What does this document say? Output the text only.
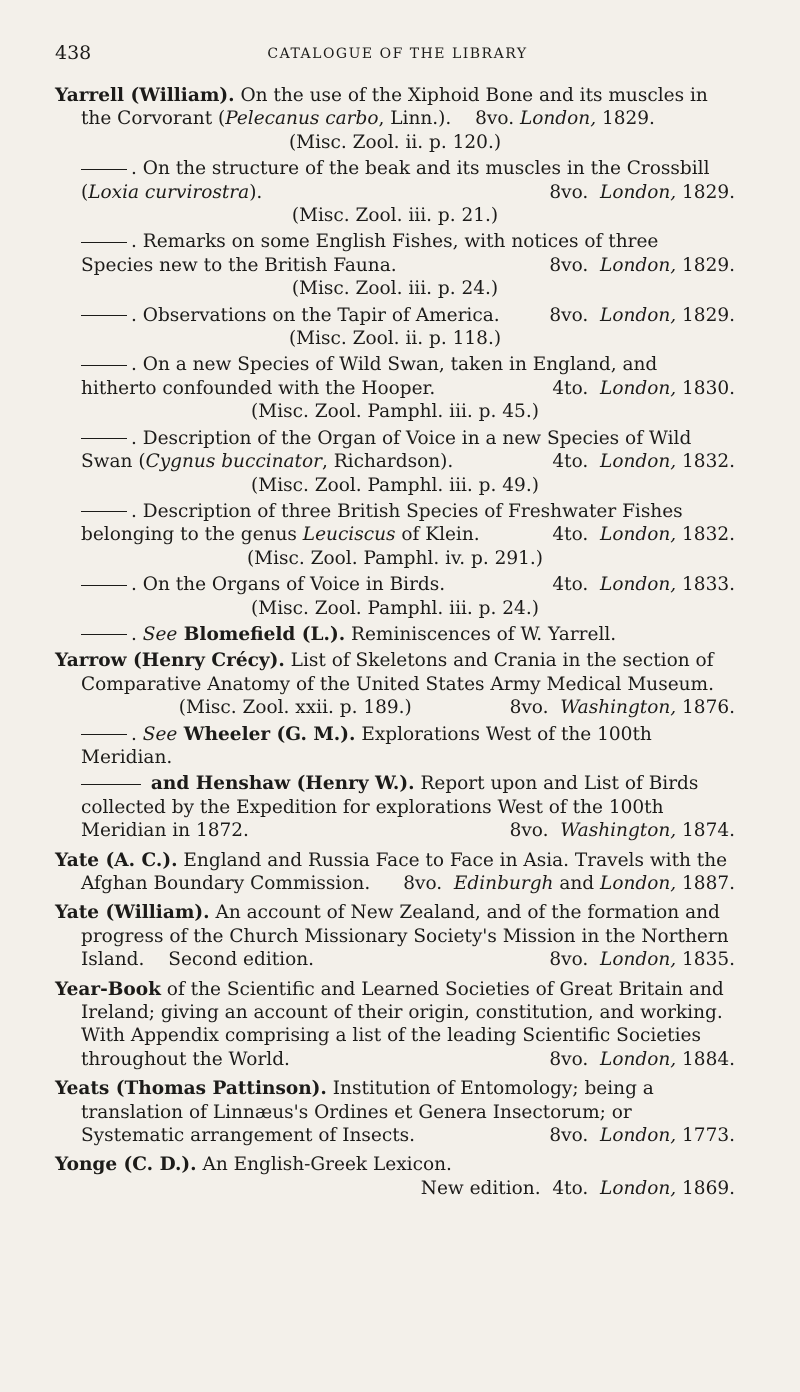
438	CATALOGUE OF THE LIBRARY
Yarrell (William). On the use of the Xiphoid Bone and its muscles in the Corvorant (Pelecanus carbo, Linn.). 8vo. London, 1829.
(Misc. Zool. ii. p. 120.)
. On the structure of the beak and its muscles in the Crossbill (Loxia curvirostra).	8vo. London, 1829.
(Misc. Zool. iii. p. 21.)
. Remarks on some English Fishes, with notices of three Species new to the British Fauna.	8vo. London, 1829.
(Misc. Zool. iii. p. 24.)
. Observations on the Tapir of America.	8vo. London, 1829.
(Misc. Zool. ii. p. 118.)
. On a new Species of Wild Swan, taken in England, and hitherto confounded with the Hooper.	4to. London, 1830.
(Misc. Zool. Pamphl. iii. p. 45.)
. Description of the Organ of Voice in a new Species of Wild Swan (Cygnus buccinator, Richardson).	4to. London, 1832.
(Misc. Zool. Pamphl. iii. p. 49.)
. Description of three British Species of Freshwater Fishes belonging to the genus Leuciscus of Klein.	4to. London, 1832.
(Misc. Zool. Pamphl. iv. p. 291.)
. On the Organs of Voice in Birds.	4to. London, 1833.
(Misc. Zool. Pamphl. iii. p. 24.)
. See Blomefield (L.). Reminiscences of W. Yarrell.
Yarrow (Henry Crécy). List of Skeletons and Crania in the section of Comparative Anatomy of the United States Army Medical Museum.
8vo. Washington, 1876.
(Misc. Zool. xxii. p. 189.)
. See Wheeler (G. M.). Explorations West of the 100th Meridian.
and Henshaw (Henry W.). Report upon and List of Birds collected by the Expedition for explorations West of the 100th Meridian in 1872.	8vo. Washington, 1874.
Yate (A. C.). England and Russia Face to Face in Asia. Travels with the Afghan Boundary Commission. 8vo. Edinburgh and London, 1887.
Yate (William). An account of New Zealand, and of the formation and progress of the Church Missionary Society's Mission in the Northern Island. Second edition.	8vo. London, 1835.
Year-Book of the Scientific and Learned Societies of Great Britain and Ireland; giving an account of their origin, constitution, and working. With Appendix comprising a list of the leading Scientific Societies throughout the World.	8vo. London, 1884.
Yeats (Thomas Pattinson). Institution of Entomology; being a translation of Linnæus's Ordines et Genera Insectorum; or Systematic arrangement of Insects.	8vo. London, 1773.
Yonge (C. D.). An English-Greek Lexicon.
New edition. 4to. London, 1869.
